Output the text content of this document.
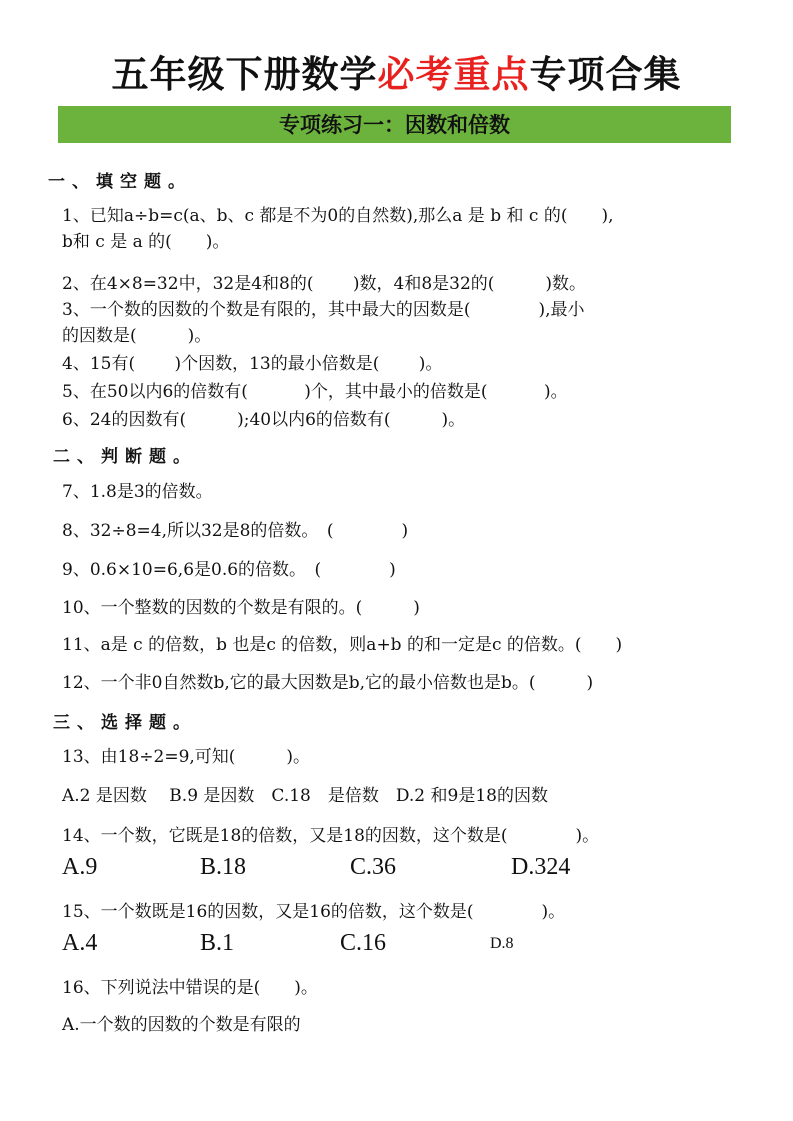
五年级下册数学必考重点专项合集
专项练习一：因数和倍数
一、填空题。
1、已知a÷b=c(a、b、c 都是不为0的自然数),那么a 是 b 和 c 的(　　),
b和 c 是 a 的(　　)。
2、在4×8=32中，32是4和8的(　　 )数，4和8是32的(　　　)数。
3、一个数的因数的个数是有限的，其中最大的因数是(　　　　),最小
的因数是(　　　)。
4、15有(　　 )个因数，13的最小倍数是(　　 )。
5、在50以内6的倍数有(　　 　)个，其中最小的倍数是(　　　 )。
6、24的因数有(　　　);40以内6的倍数有(　　　)。
二、判断题。
7、1.8是3的倍数。
8、32÷8=4,所以32是8的倍数。　(　　　　)
9、0.6×10=6,6是0.6的倍数。　(　　　　)
10、一个整数的因数的个数是有限的。(　　　)
11、a是 c 的倍数，b 也是c 的倍数，则a+b 的和一定是c 的倍数。(　　)
12、一个非0自然数b,它的最大因数是b,它的最小倍数也是b。(　　　)
三、选择题。
13、由18÷2=9,可知(　　　)。
A.2 是因数　 B.9 是因数　C.18　是倍数　D.2 和9是18的因数
14、一个数，它既是18的倍数，又是18的因数，这个数是(　　　　)。
A.9	B.18	C.36	D.324
15、一个数既是16的因数，又是16的倍数，这个数是(　　　　)。
A.4	B.1	C.16	D.8
16、下列说法中错误的是(　　)。
A.一个数的因数的个数是有限的
